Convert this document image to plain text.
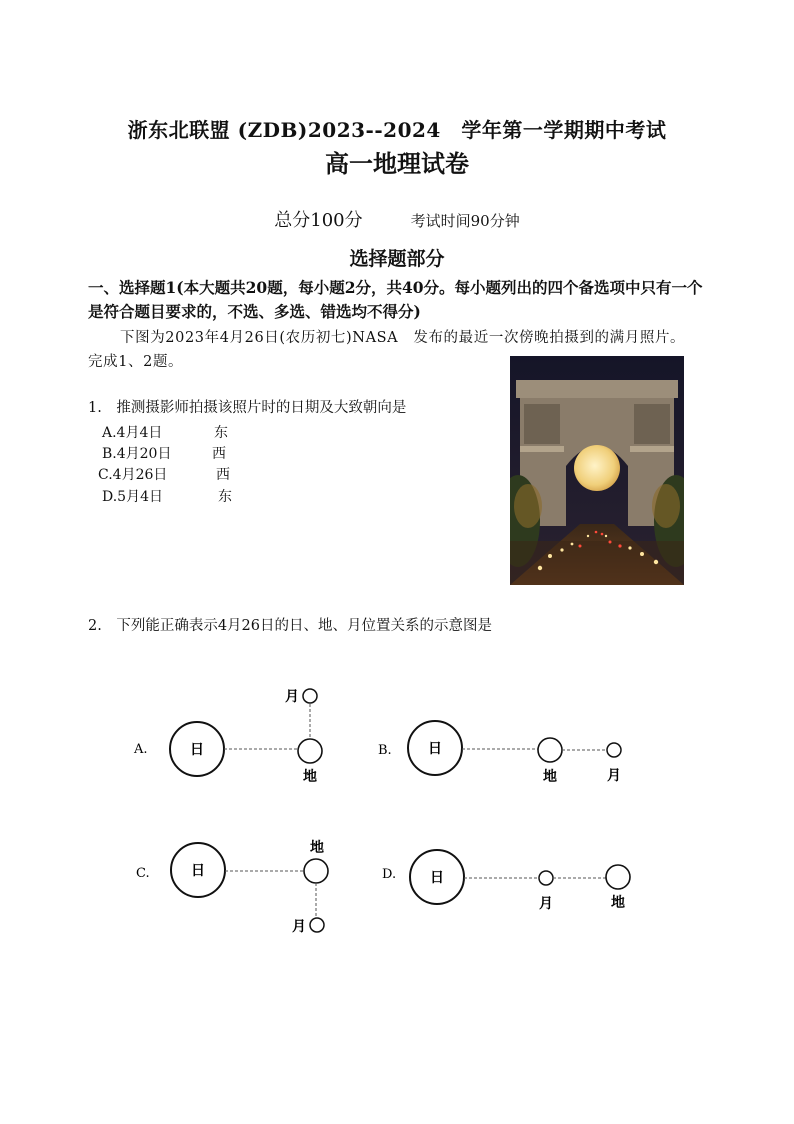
浙东北联盟 (ZDB)2023--2024　学年第一学期期中考试
高一地理试卷
总分100分	考试时间90分钟
选择题部分
一、选择题1(本大题共20题，每小题2分，共40分。每小题列出的四个备选项中只有一个是符合题目要求的，不选、多选、错选均不得分)
下图为2023年4月26日(农历初七)NASA　发布的最近一次傍晚拍摄到的满月照片。完成1、2题。
1.　推测摄影师拍摄该照片时的日期及大致朝向是
A.4月4日	东
B.4月20日	西
C.4月26日	西
D.5月4日	东
2.　下列能正确表示4月26日的日、地、月位置关系的示意图是
A.	日
地
月
B.	日
地	月
C.	日
地
月
D. 日
月	地
